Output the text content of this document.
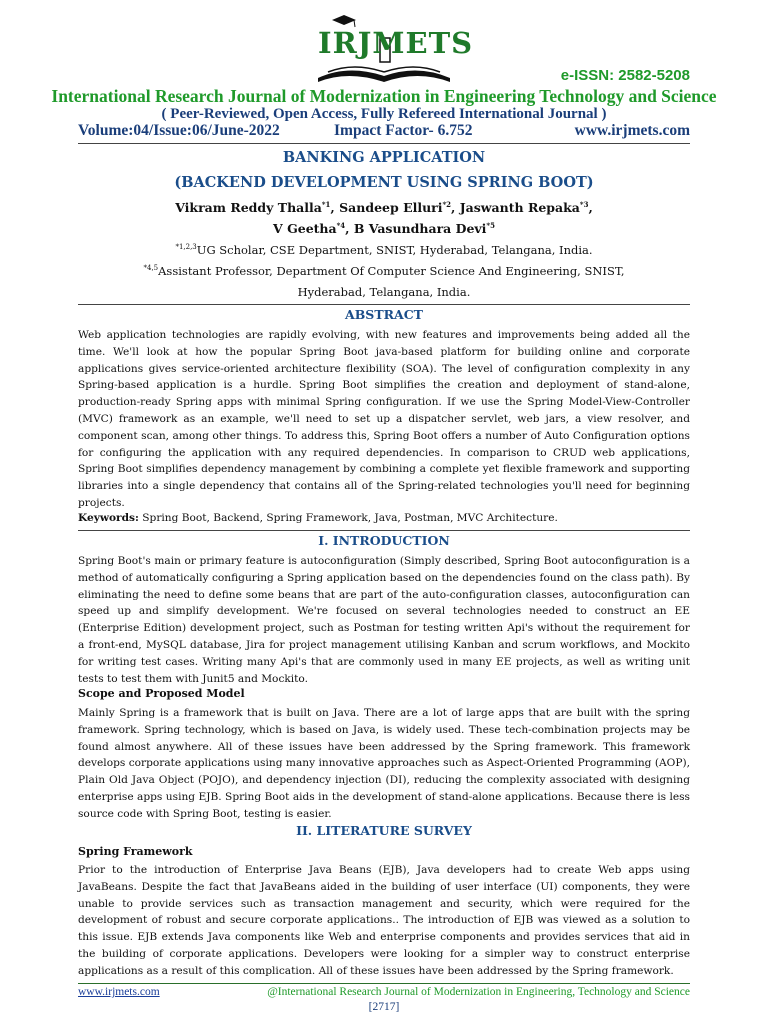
IRJMETS
e-ISSN: 2582-5208
International Research Journal of Modernization in Engineering Technology and Science
( Peer-Reviewed, Open Access, Fully Refereed International Journal )
Volume:04/Issue:06/June-2022	Impact Factor- 6.752	www.irjmets.com
BANKING APPLICATION
(BACKEND DEVELOPMENT USING SPRING BOOT)
Vikram Reddy Thalla$^{*1}$, Sandeep Elluri$^{*2}$, Jaswanth Repaka$^{*3}$,
V Geetha$^{*4}$, B Vasundhara Devi$^{*5}$
$^{*1,2,3}$UG Scholar, CSE Department, SNIST, Hyderabad, Telangana, India.
$^{*4,5}$Assistant Professor, Department Of Computer Science And Engineering, SNIST,
Hyderabad, Telangana, India.
ABSTRACT
Web application technologies are rapidly evolving, with new features and improvements being added all the time. We'll look at how the popular Spring Boot java-based platform for building online and corporate applications gives service-oriented architecture flexibility (SOA). The level of configuration complexity in any Spring-based application is a hurdle. Spring Boot simplifies the creation and deployment of stand-alone, production-ready Spring apps with minimal Spring configuration. If we use the Spring Model-View-Controller (MVC) framework as an example, we'll need to set up a dispatcher servlet, web jars, a view resolver, and component scan, among other things. To address this, Spring Boot offers a number of Auto Configuration options for configuring the application with any required dependencies. In comparison to CRUD web applications, Spring Boot simplifies dependency management by combining a complete yet flexible framework and supporting libraries into a single dependency that contains all of the Spring-related technologies you'll need for beginning projects.
Keywords: Spring Boot, Backend, Spring Framework, Java, Postman, MVC Architecture.
I. INTRODUCTION
Spring Boot's main or primary feature is autoconfiguration (Simply described, Spring Boot autoconfiguration is a method of automatically configuring a Spring application based on the dependencies found on the class path). By eliminating the need to define some beans that are part of the auto-configuration classes, autoconfiguration can speed up and simplify development. We're focused on several technologies needed to construct an EE (Enterprise Edition) development project, such as Postman for testing written Api's without the requirement for a front-end, MySQL database, Jira for project management utilising Kanban and scrum workflows, and Mockito for writing test cases. Writing many Api's that are commonly used in many EE projects, as well as writing unit tests to test them with Junit5 and Mockito.
Scope and Proposed Model
Mainly Spring is a framework that is built on Java. There are a lot of large apps that are built with the spring framework. Spring technology, which is based on Java, is widely used. These tech-combination projects may be found almost anywhere. All of these issues have been addressed by the Spring framework. This framework develops corporate applications using many innovative approaches such as Aspect-Oriented Programming (AOP), Plain Old Java Object (POJO), and dependency injection (DI), reducing the complexity associated with designing enterprise apps using EJB. Spring Boot aids in the development of stand-alone applications. Because there is less source code with Spring Boot, testing is easier.
II. LITERATURE SURVEY
Spring Framework
Prior to the introduction of Enterprise Java Beans (EJB), Java developers had to create Web apps using JavaBeans. Despite the fact that JavaBeans aided in the building of user interface (UI) components, they were unable to provide services such as transaction management and security, which were required for the development of robust and secure corporate applications.. The introduction of EJB was viewed as a solution to this issue. EJB extends Java components like Web and enterprise components and provides services that aid in the building of corporate applications. Developers were looking for a simpler way to construct enterprise applications as a result of this complication. All of these issues have been addressed by the Spring framework.
www.irjmets.com	@International Research Journal of Modernization in Engineering, Technology and Science
[2717]
